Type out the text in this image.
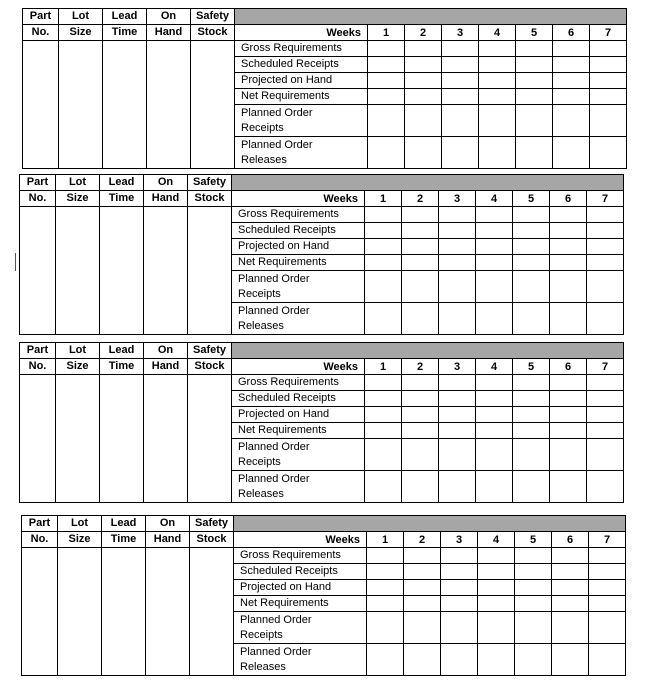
Part	Lot	Lead	On	Safety								
No.	Size	Time	Hand	Stock	Weeks	1	2	3	4	5	6	7
					Gross Requirements							
					Scheduled Receipts							
					Projected on Hand							
					Net Requirements							
					Planned Order
Receipts							
					Planned Order
Releases							
Part	Lot	Lead	On	Safety								
No.	Size	Time	Hand	Stock	Weeks	1	2	3	4	5	6	7
					Gross Requirements							
					Scheduled Receipts							
					Projected on Hand							
					Net Requirements							
					Planned Order
Receipts							
					Planned Order
Releases							
Part	Lot	Lead	On	Safety								
No.	Size	Time	Hand	Stock	Weeks	1	2	3	4	5	6	7
					Gross Requirements							
					Scheduled Receipts							
					Projected on Hand							
					Net Requirements							
					Planned Order
Receipts							
					Planned Order
Releases							
Part	Lot	Lead	On	Safety								
No.	Size	Time	Hand	Stock	Weeks	1	2	3	4	5	6	7
					Gross Requirements							
					Scheduled Receipts							
					Projected on Hand							
					Net Requirements							
					Planned Order
Receipts							
					Planned Order
Releases							
